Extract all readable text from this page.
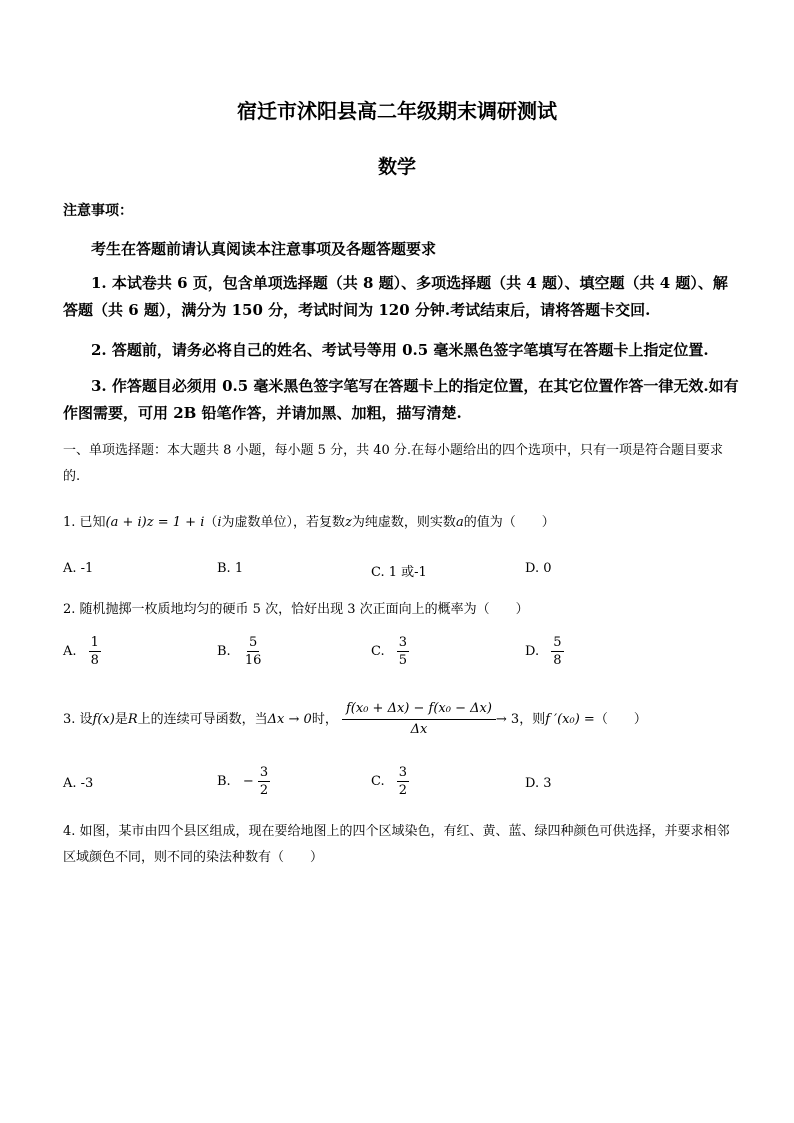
宿迁市沭阳县高二年级期末调研测试
数学
注意事项：
考生在答题前请认真阅读本注意事项及各题答题要求
1. 本试卷共 6 页，包含单项选择题（共 8 题）、多项选择题（共 4 题）、填空题（共 4 题）、解答题（共 6 题），满分为 150 分，考试时间为 120 分钟.考试结束后，请将答题卡交回.
2. 答题前，请务必将自己的姓名、考试号等用 0.5 毫米黑色签字笔填写在答题卡上指定位置.
3. 作答题目必须用 0.5 毫米黑色签字笔写在答题卡上的指定位置，在其它位置作答一律无效.如有作图需要，可用 2B 铅笔作答，并请加黑、加粗，描写清楚.
一、单项选择题：本大题共 8 小题，每小题 5 分，共 40 分.在每小题给出的四个选项中，只有一项是符合题目要求的.
1. 已知(a + i)z = 1 + i（i为虚数单位），若复数z为纯虚数，则实数a的值为（　　）
A. -1	B. 1	C. 1 或-1	D. 0
2. 随机抛掷一枚质地均匀的硬币 5 次，恰好出现 3 次正面向上的概率为（　　）
A. $\frac{1}{8}$	B. $\frac{5}{16}$	C. $\frac{3}{5}$	D. $\frac{5}{8}$
3. 设f(x)是R上的连续可导函数，当Δx → 0时， $\frac{\text{f(x₀ + Δx) − f(x₀ − Δx)}}{\Delta x} \to 3$，则f ′(x₀) =（　　）
A. -3	B. − $\frac{3}{2}$	C. $\frac{3}{2}$	D. 3
4. 如图，某市由四个县区组成，现在要给地图上的四个区域染色，有红、黄、蓝、绿四种颜色可供选择，并要求相邻区域颜色不同，则不同的染法种数有（　　）
